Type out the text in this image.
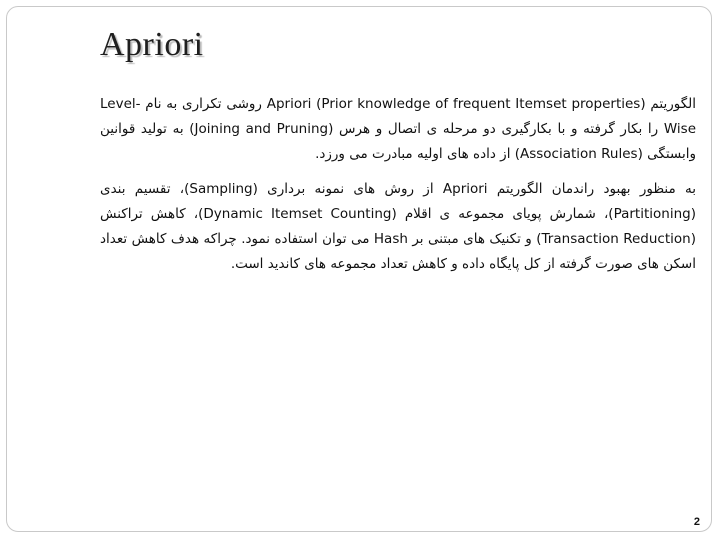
Apriori

الگوریتم Apriori (Prior knowledge of frequent Itemset properties) روشی تکراری به نام Level-Wise را بکار گرفته و با بکارگیری دو مرحله ی اتصال و هرس (Joining and Pruning) به تولید قوانین وابستگی (Association Rules) از داده های اولیه مبادرت می ورزد.

به منظور بهبود راندمان الگوریتم Apriori از روش های نمونه برداری (Sampling)، تقسیم بندی (Partitioning)، شمارش پویای مجموعه ی اقلام (Dynamic Itemset Counting)، کاهش تراکنش (Transaction Reduction) و تکنیک های مبتنی بر Hash می توان استفاده نمود. چراکه هدف کاهش تعداد اسکن های صورت گرفته از کل پایگاه داده و کاهش تعداد مجموعه های کاندید است.

2
